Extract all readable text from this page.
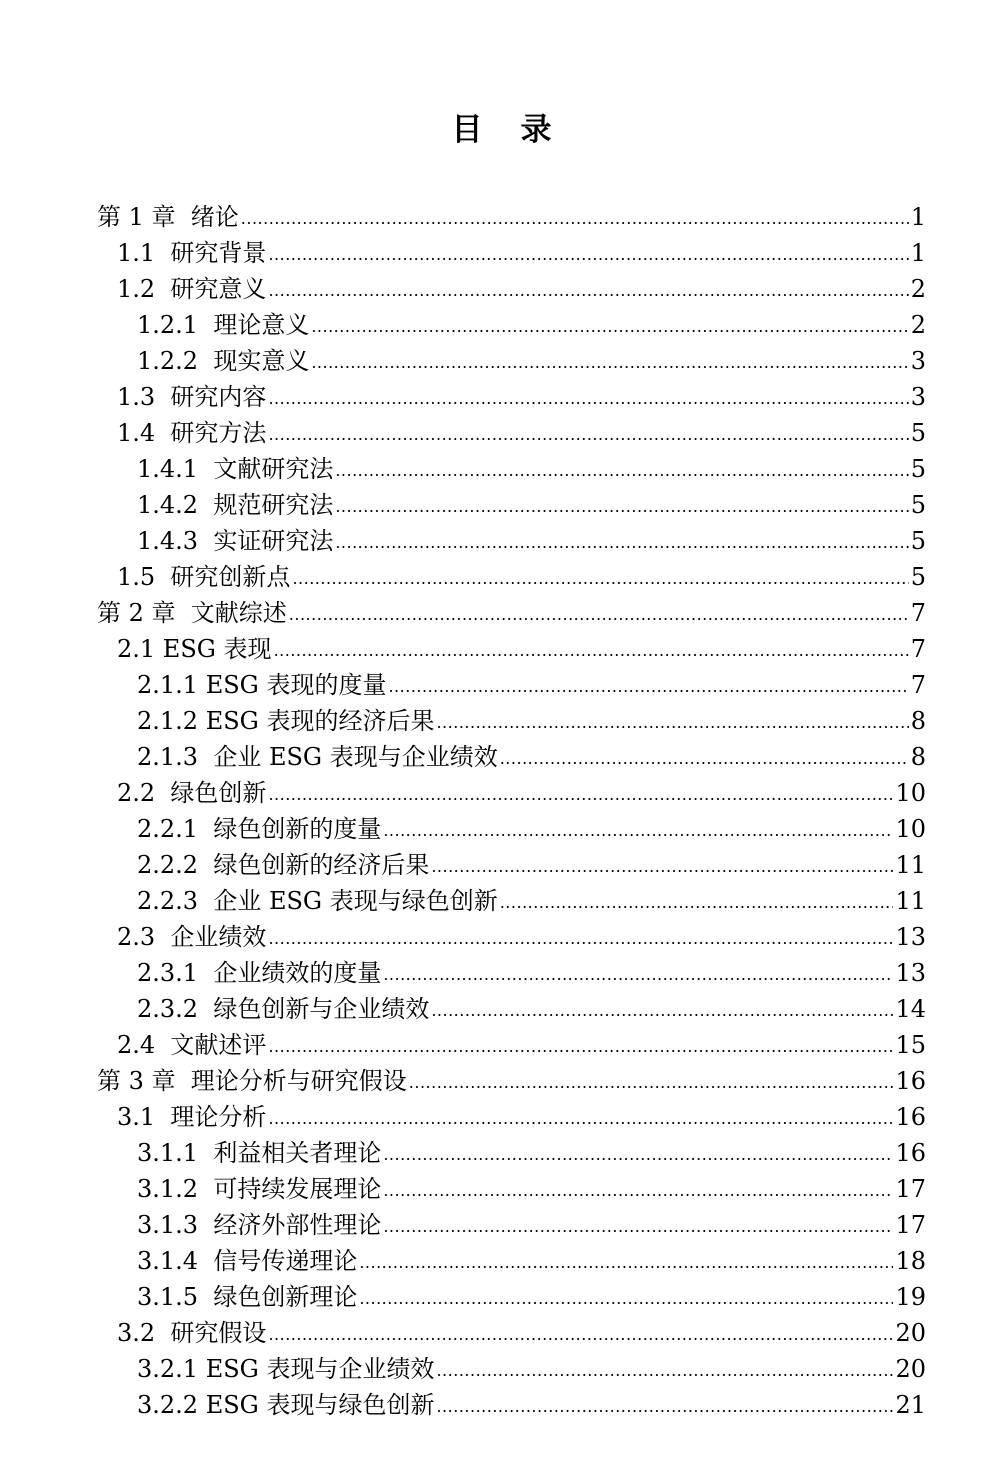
目 录
第 1 章  绪论 .....	1
1.1  研究背景 .....	1
1.2  研究意义 .....	2
1.2.1  理论意义 .....	2
1.2.2  现实意义 .....	3
1.3  研究内容 .....	3
1.4  研究方法 .....	5
1.4.1  文献研究法 .....	5
1.4.2  规范研究法 .....	5
1.4.3  实证研究法 .....	5
1.5  研究创新点 .....	5
第 2 章  文献综述 .....	7
2.1 ESG 表现 .....	7
2.1.1 ESG 表现的度量 .....	7
2.1.2 ESG 表现的经济后果 .....	8
2.1.3  企业 ESG 表现与企业绩效 .....	8
2.2  绿色创新 .....	10
2.2.1  绿色创新的度量 .....	10
2.2.2  绿色创新的经济后果 .....	11
2.2.3  企业 ESG 表现与绿色创新 .....	11
2.3  企业绩效 .....	13
2.3.1  企业绩效的度量 .....	13
2.3.2  绿色创新与企业绩效 .....	14
2.4  文献述评 .....	15
第 3 章  理论分析与研究假设 .....	16
3.1  理论分析 .....	16
3.1.1  利益相关者理论 .....	16
3.1.2  可持续发展理论 .....	17
3.1.3  经济外部性理论 .....	17
3.1.4  信号传递理论 .....	18
3.1.5  绿色创新理论 .....	19
3.2  研究假设 .....	20
3.2.1 ESG 表现与企业绩效 .....	20
3.2.2 ESG 表现与绿色创新 .....	21
